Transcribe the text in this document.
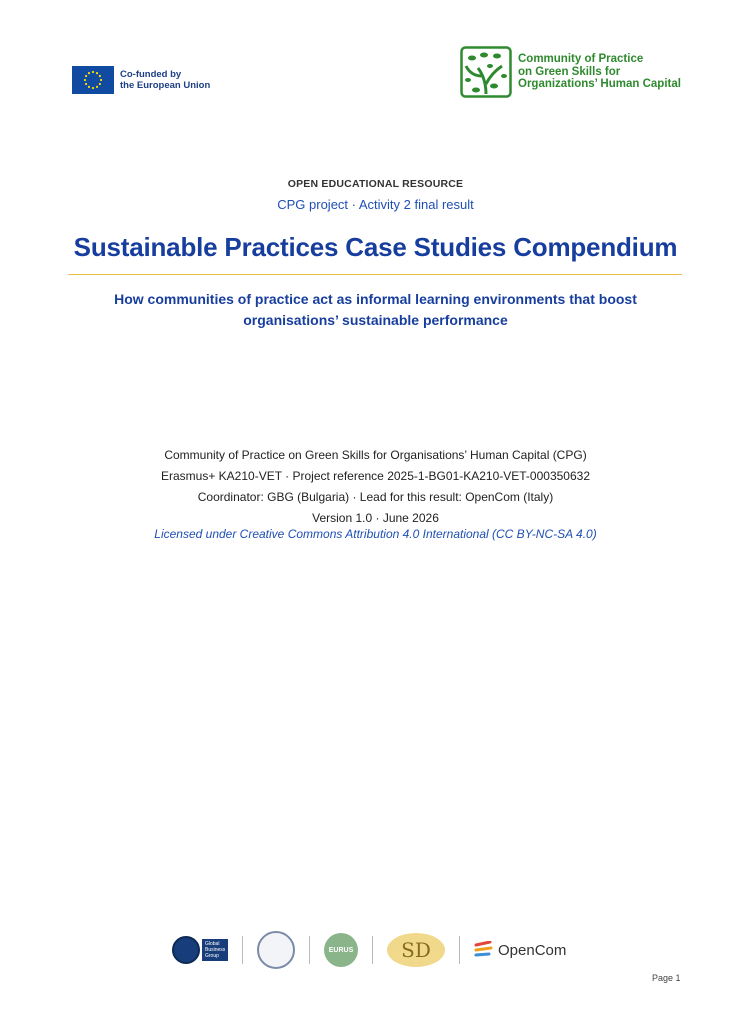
Co-funded by
the European Union
Community of Practice
on Green Skills for
Organizations’ Human Capital
OPEN EDUCATIONAL RESOURCE
CPG project · Activity 2 final result
Sustainable Practices Case Studies Compendium
How communities of practice act as informal learning environments that boost
organisations’ sustainable performance
Community of Practice on Green Skills for Organisations’ Human Capital (CPG)
Erasmus+ KA210-VET · Project reference 2025-1-BG01-KA210-VET-000350632
Coordinator: GBG (Bulgaria) · Lead for this result: OpenCom (Italy)
Version 1.0 · June 2026
Licensed under Creative Commons Attribution 4.0 International (CC BY-NC-SA 4.0)
Global Business Group
EURUS	SD	OpenCom
Page 1
